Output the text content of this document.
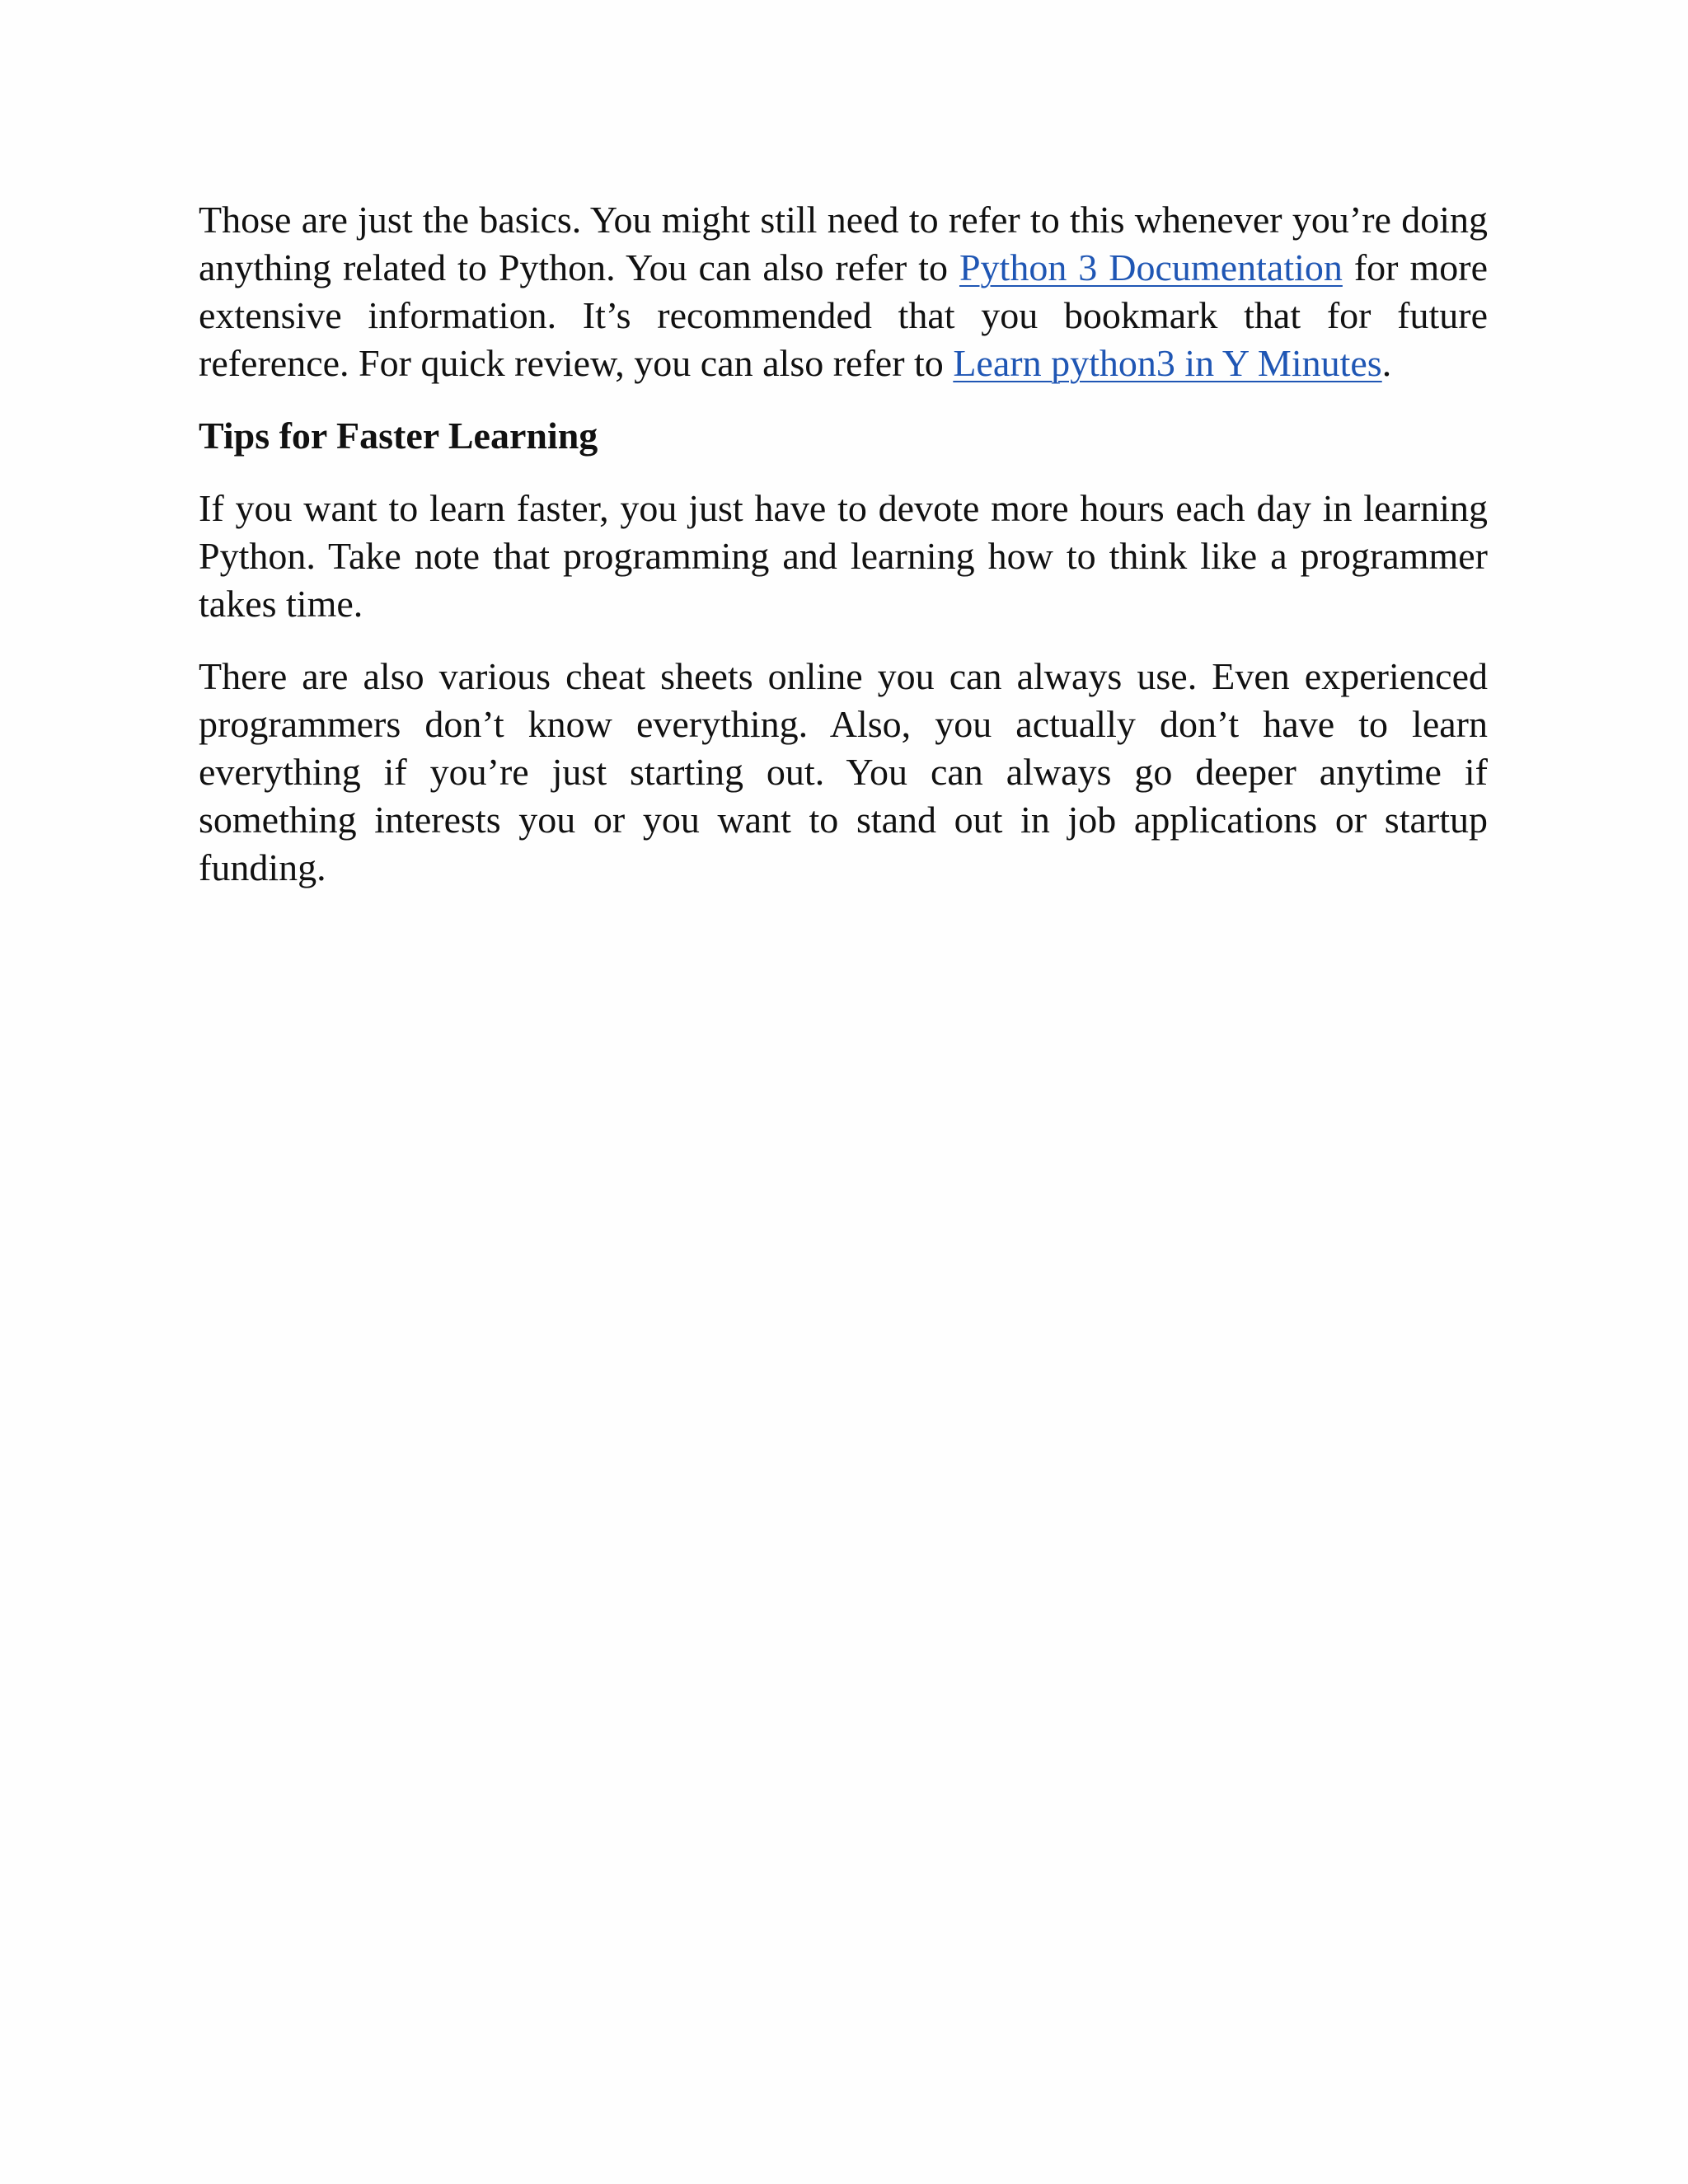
Those are just the basics. You might still need to refer to this whenever you’re doing anything related to Python. You can also refer to Python 3 Documentation for more extensive information. It’s recommended that you bookmark that for future reference. For quick review, you can also refer to Learn python3 in Y Minutes.

Tips for Faster Learning

If you want to learn faster, you just have to devote more hours each day in learning Python. Take note that programming and learning how to think like a programmer takes time.

There are also various cheat sheets online you can always use. Even experienced programmers don’t know everything. Also, you actually don’t have to learn everything if you’re just starting out. You can always go deeper anytime if something interests you or you want to stand out in job applications or startup funding.
